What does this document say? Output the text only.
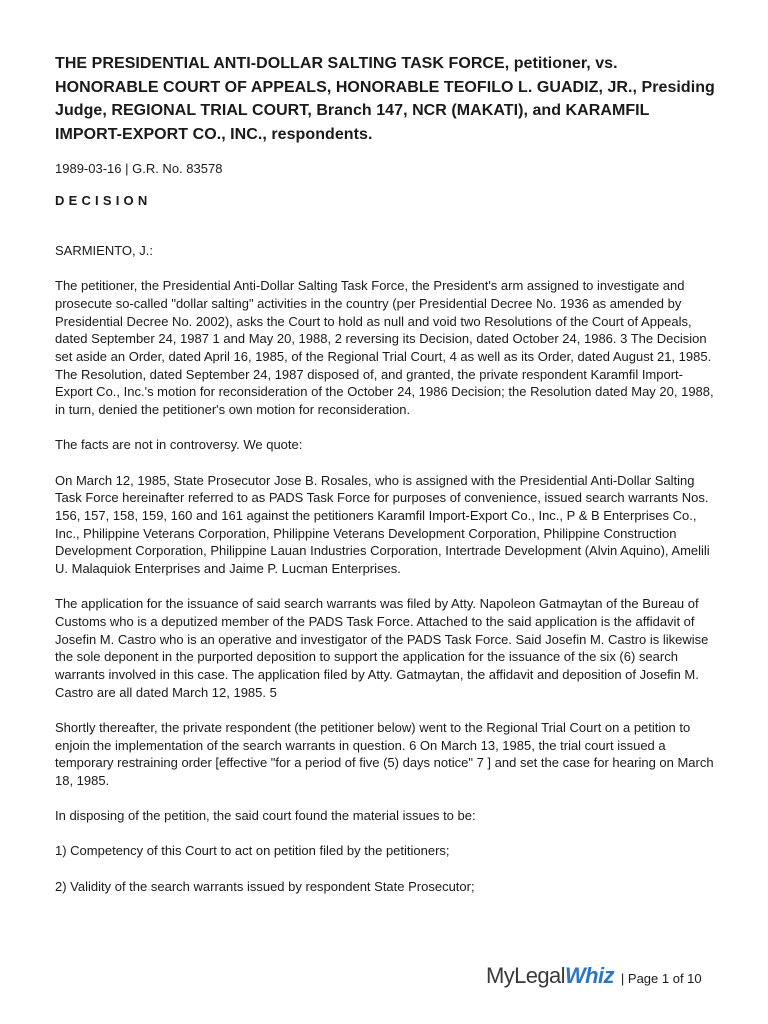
THE PRESIDENTIAL ANTI-DOLLAR SALTING TASK FORCE, petitioner, vs. HONORABLE COURT OF APPEALS, HONORABLE TEOFILO L. GUADIZ, JR., Presiding Judge, REGIONAL TRIAL COURT, Branch 147, NCR (MAKATI), and KARAMFIL IMPORT-EXPORT CO., INC., respondents.
1989-03-16 | G.R. No. 83578
DECISION
SARMIENTO, J.:
The petitioner, the Presidential Anti-Dollar Salting Task Force, the President's arm assigned to investigate and prosecute so-called "dollar salting" activities in the country (per Presidential Decree No. 1936 as amended by Presidential Decree No. 2002), asks the Court to hold as null and void two Resolutions of the Court of Appeals, dated September 24, 1987 1 and May 20, 1988, 2 reversing its Decision, dated October 24, 1986. 3 The Decision set aside an Order, dated April 16, 1985, of the Regional Trial Court, 4 as well as its Order, dated August 21, 1985. The Resolution, dated September 24, 1987 disposed of, and granted, the private respondent Karamfil Import-Export Co., Inc.'s motion for reconsideration of the October 24, 1986 Decision; the Resolution dated May 20, 1988, in turn, denied the petitioner's own motion for reconsideration.
The facts are not in controversy. We quote:
On March 12, 1985, State Prosecutor Jose B. Rosales, who is assigned with the Presidential Anti-Dollar Salting Task Force hereinafter referred to as PADS Task Force for purposes of convenience, issued search warrants Nos. 156, 157, 158, 159, 160 and 161 against the petitioners Karamfil Import-Export Co., Inc., P & B Enterprises Co., Inc., Philippine Veterans Corporation, Philippine Veterans Development Corporation, Philippine Construction Development Corporation, Philippine Lauan Industries Corporation, Intertrade Development (Alvin Aquino), Amelili U. Malaquiok Enterprises and Jaime P. Lucman Enterprises.
The application for the issuance of said search warrants was filed by Atty. Napoleon Gatmaytan of the Bureau of Customs who is a deputized member of the PADS Task Force. Attached to the said application is the affidavit of Josefin M. Castro who is an operative and investigator of the PADS Task Force. Said Josefin M. Castro is likewise the sole deponent in the purported deposition to support the application for the issuance of the six (6) search warrants involved in this case. The application filed by Atty. Gatmaytan, the affidavit and deposition of Josefin M. Castro are all dated March 12, 1985. 5
Shortly thereafter, the private respondent (the petitioner below) went to the Regional Trial Court on a petition to enjoin the implementation of the search warrants in question. 6 On March 13, 1985, the trial court issued a temporary restraining order [effective "for a period of five (5) days notice" 7 ] and set the case for hearing on March 18, 1985.
In disposing of the petition, the said court found the material issues to be:
1) Competency of this Court to act on petition filed by the petitioners;
2) Validity of the search warrants issued by respondent State Prosecutor;
My Legal Whiz | Page 1 of 10
